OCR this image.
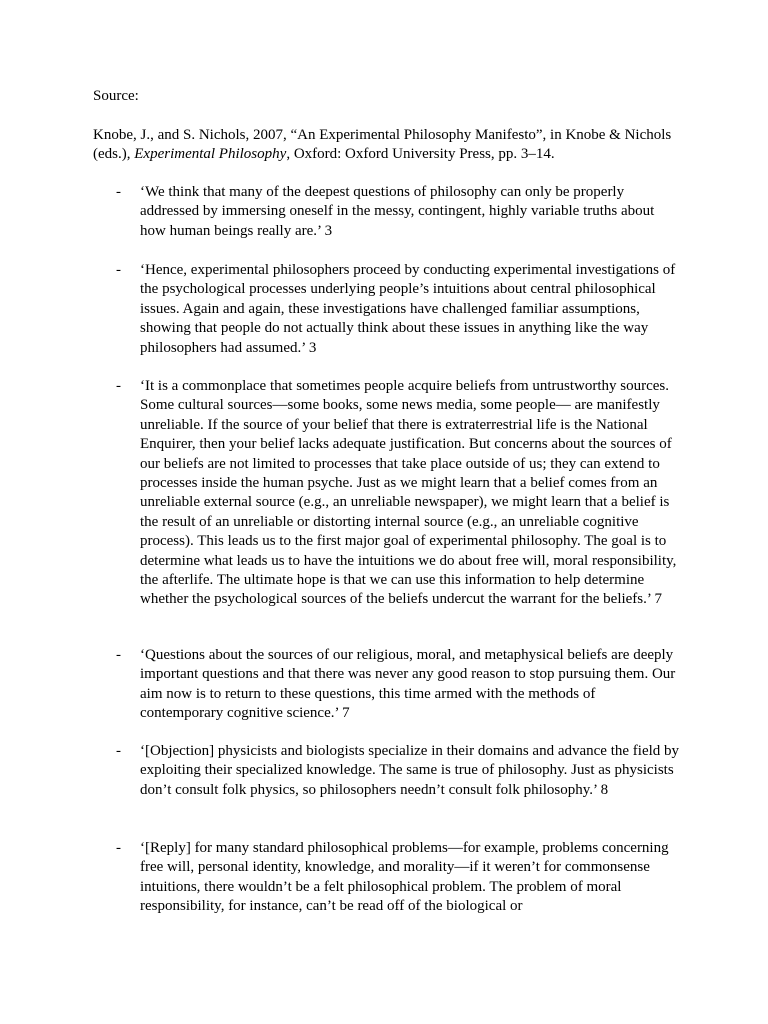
Source:

Knobe, J., and S. Nichols, 2007, “An Experimental Philosophy Manifesto”, in Knobe & Nichols (eds.), Experimental Philosophy, Oxford: Oxford University Press, pp. 3–14.

- ‘We think that many of the deepest questions of philosophy can only be properly addressed by immersing oneself in the messy, contingent, highly variable truths about how human beings really are.’ 3

- ‘Hence, experimental philosophers proceed by conducting experimental investigations of the psychological processes underlying people’s intuitions about central philosophical issues. Again and again, these investigations have challenged familiar assumptions, showing that people do not actually think about these issues in anything like the way philosophers had assumed.’ 3

- ‘It is a commonplace that sometimes people acquire beliefs from untrustworthy sources. Some cultural sources—some books, some news media, some people— are manifestly unreliable. If the source of your belief that there is extraterrestrial life is the National Enquirer, then your belief lacks adequate justification. But concerns about the sources of our beliefs are not limited to processes that take place outside of us; they can extend to processes inside the human psyche. Just as we might learn that a belief comes from an unreliable external source (e.g., an unreliable newspaper), we might learn that a belief is the result of an unreliable or distorting internal source (e.g., an unreliable cognitive process). This leads us to the first major goal of experimental philosophy. The goal is to determine what leads us to have the intuitions we do about free will, moral responsibility, the afterlife. The ultimate hope is that we can use this information to help determine whether the psychological sources of the beliefs undercut the warrant for the beliefs.’ 7

- ‘Questions about the sources of our religious, moral, and metaphysical beliefs are deeply important questions and that there was never any good reason to stop pursuing them. Our aim now is to return to these questions, this time armed with the methods of contemporary cognitive science.’ 7

- ‘[Objection] physicists and biologists specialize in their domains and advance the field by exploiting their specialized knowledge. The same is true of philosophy. Just as physicists don’t consult folk physics, so philosophers needn’t consult folk philosophy.’ 8

- ‘[Reply] for many standard philosophical problems—for example, problems concerning free will, personal identity, knowledge, and morality—if it weren’t for commonsense intuitions, there wouldn’t be a felt philosophical problem. The problem of moral responsibility, for instance, can’t be read off of the biological or
